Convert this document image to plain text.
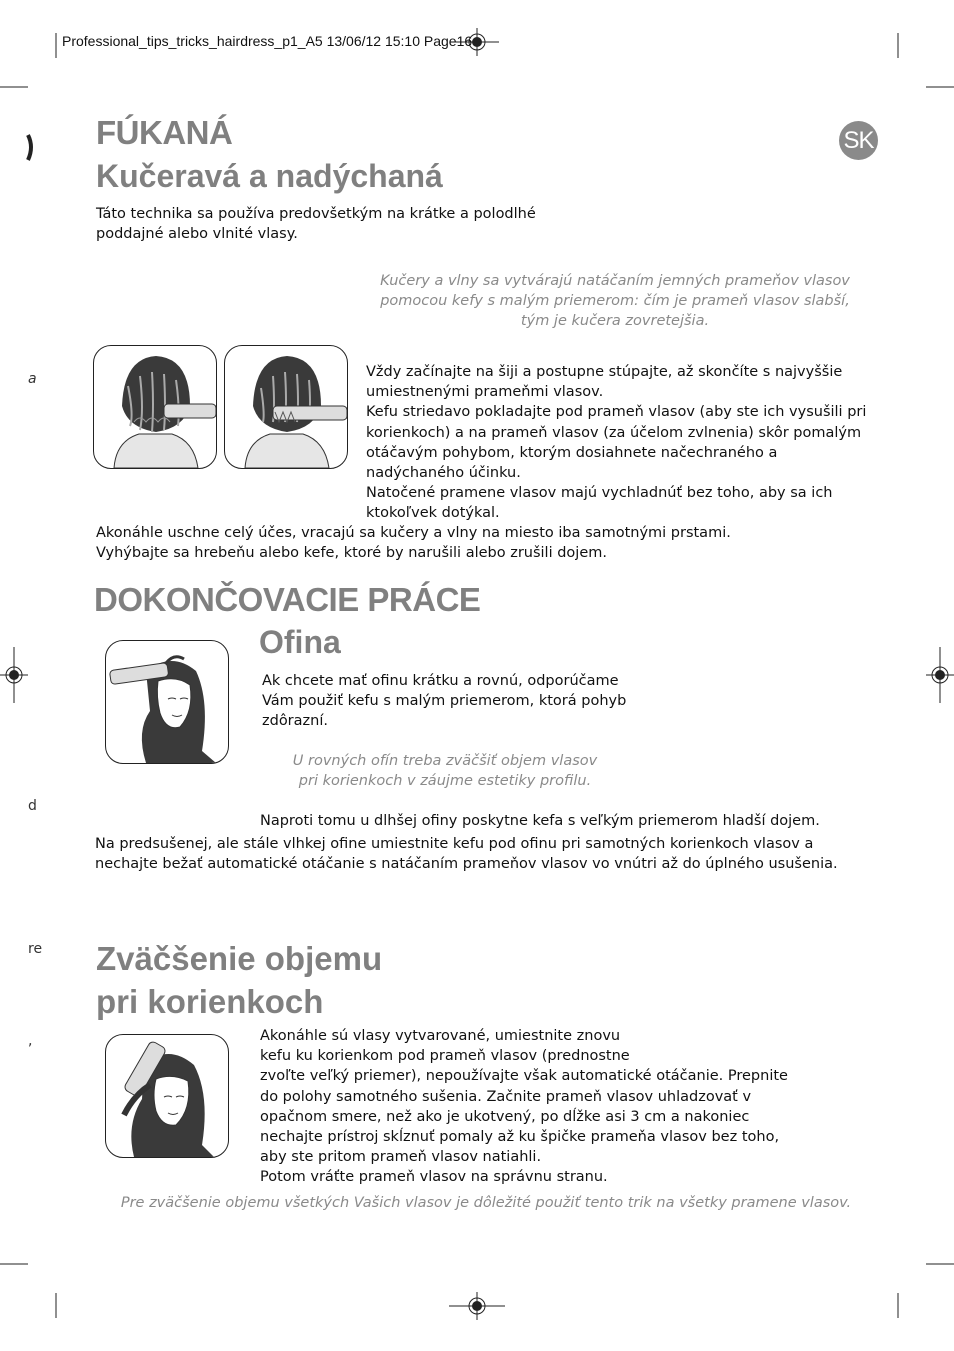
Professional_tips_tricks_hairdress_p1_A5 13/06/12 15:10 Page16
a
d
re
,
SK
FÚKANÁ
Kučeravá a nadýchaná
Táto technika sa používa predovšetkým na krátke a polodlhé
poddajné alebo vlnité vlasy.
Kučery a vlny sa vytvárajú natáčaním jemných prameňov vlasov
pomocou kefy s malým priemerom: čím je prameň vlasov slabší,
tým je kučera zovretejšia.
Vždy začínajte na šiji a postupne stúpajte, až skončíte s najvyššie
umiestnenými prameňmi vlasov.
Kefu striedavo pokladajte pod prameň vlasov (aby ste ich vysušili pri
korienkoch) a na prameň vlasov (za účelom zvlnenia) skôr pomalým
otáčavým pohybom, ktorým dosiahnete načechraného a
nadýchaného účinku.
Natočené pramene vlasov majú vychladnúť bez toho, aby sa ich
ktokoľvek dotýkal.
Akonáhle uschne celý účes, vracajú sa kučery a vlny na miesto iba samotnými prstami.
Vyhýbajte sa hrebeňu alebo kefe, ktoré by narušili alebo zrušili dojem.
DOKONČOVACIE PRÁCE
Ofina
Ak chcete mať ofinu krátku a rovnú, odporúčame
Vám použiť kefu s malým priemerom, ktorá pohyb
zdôrazní.
U rovných ofín treba zväčšiť objem vlasov
pri korienkoch v záujme estetiky profilu.
Naproti tomu u dlhšej ofiny poskytne kefa s veľkým priemerom hladší dojem.
Na predsušenej, ale stále vlhkej ofine umiestnite kefu pod ofinu pri samotných korienkoch vlasov a
nechajte bežať automatické otáčanie s natáčaním prameňov vlasov vo vnútri až do úplného usušenia.
Zväčšenie objemu
pri korienkoch
Akonáhle sú vlasy vytvarované, umiestnite znovu
kefu ku korienkom pod prameň vlasov (prednostne
zvoľte veľký priemer), nepoužívajte však automatické otáčanie. Prepnite
do polohy samotného sušenia. Začnite prameň vlasov uhladzovať v
opačnom smere, než ako je ukotvený, po dĺžke asi 3 cm a nakoniec
nechajte prístroj skĺznuť pomaly až ku špičke prameňa vlasov bez toho,
aby ste pritom prameň vlasov natiahli.
Potom vráťte prameň vlasov na správnu stranu.
Pre zväčšenie objemu všetkých Vašich vlasov je dôležité použiť tento trik na všetky pramene vlasov.
